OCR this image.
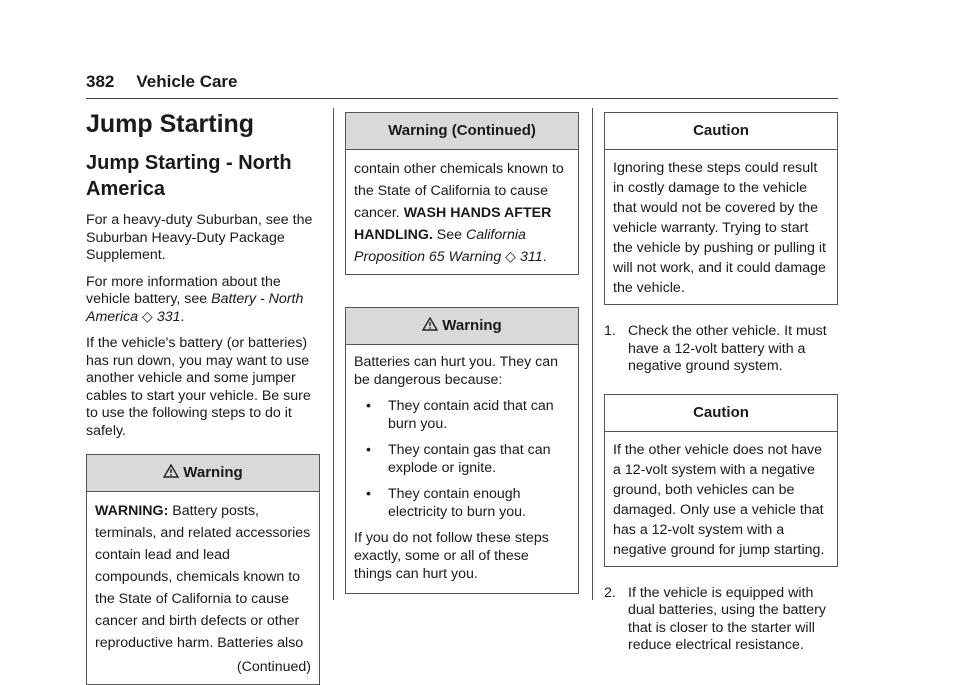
382 Vehicle Care
Jump Starting
Jump Starting - North America

For a heavy-duty Suburban, see the Suburban Heavy-Duty Package Supplement.

For more information about the vehicle battery, see Battery - North America ◇ 331.

If the vehicle's battery (or batteries) has run down, you may want to use another vehicle and some jumper cables to start your vehicle. Be sure to use the following steps to do it safely.

Warning
WARNING: Battery posts, terminals, and related accessories contain lead and lead compounds, chemicals known to the State of California to cause cancer and birth defects or other reproductive harm. Batteries also
(Continued)
Warning (Continued)
contain other chemicals known to the State of California to cause cancer. WASH HANDS AFTER HANDLING. See California Proposition 65 Warning ◇ 311.
Warning

Batteries can hurt you. They can be dangerous because:

• They contain acid that can burn you.
• They contain gas that can explode or ignite.
• They contain enough electricity to burn you.

If you do not follow these steps exactly, some or all of these things can hurt you.

Caution
Ignoring these steps could result in costly damage to the vehicle that would not be covered by the vehicle warranty. Trying to start the vehicle by pushing or pulling it will not work, and it could damage the vehicle.
1. Check the other vehicle. It must have a 12-volt battery with a negative ground system.
Caution
If the other vehicle does not have a 12-volt system with a negative ground, both vehicles can be damaged. Only use a vehicle that has a 12-volt system with a negative ground for jump starting.
2. If the vehicle is equipped with dual batteries, using the battery that is closer to the starter will reduce electrical resistance.
